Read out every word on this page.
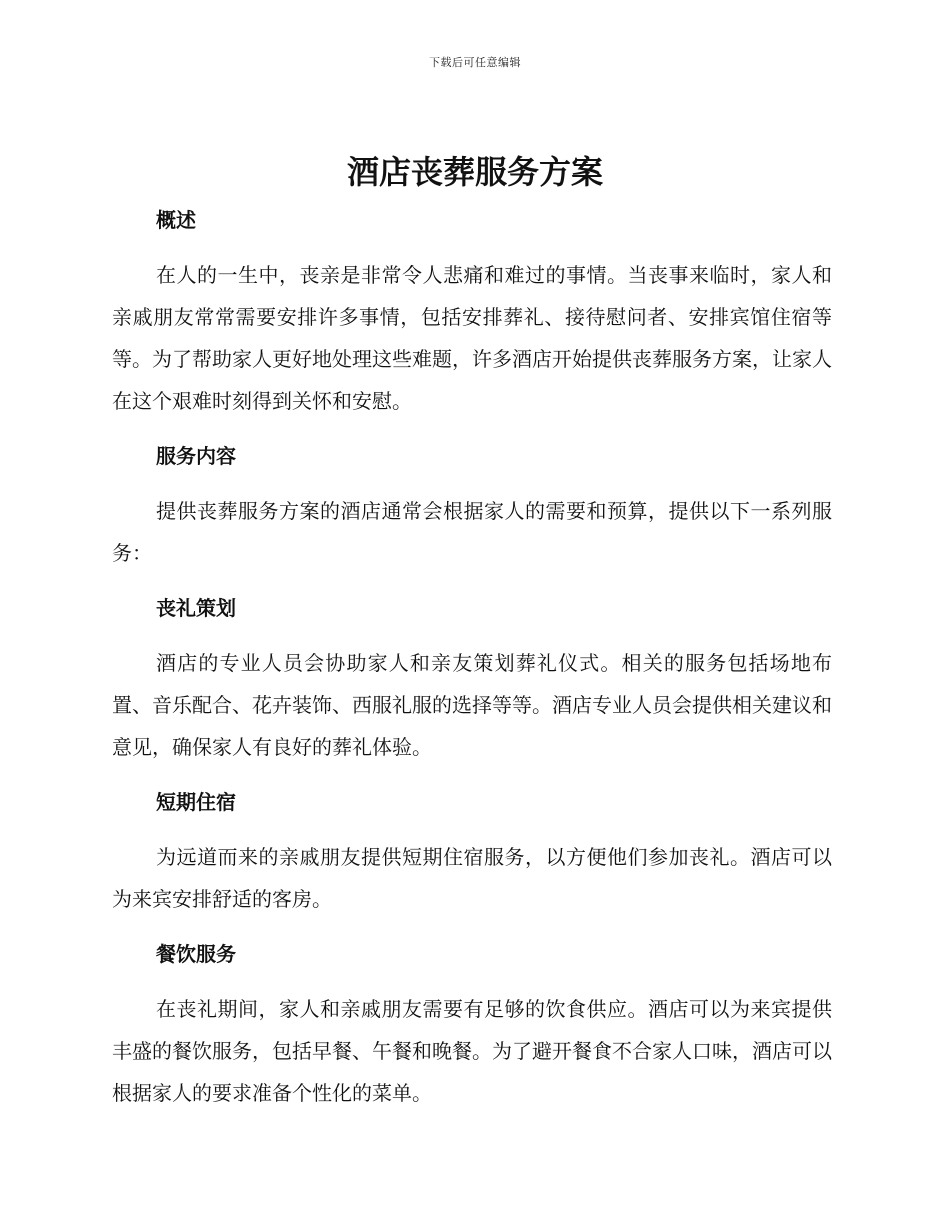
下载后可任意编辑
酒店丧葬服务方案
概述

在人的一生中，丧亲是非常令人悲痛和难过的事情。当丧事来临时，家人和亲戚朋友常常需要安排许多事情，包括安排葬礼、接待慰问者、安排宾馆住宿等等。为了帮助家人更好地处理这些难题，许多酒店开始提供丧葬服务方案，让家人在这个艰难时刻得到关怀和安慰。

服务内容

提供丧葬服务方案的酒店通常会根据家人的需要和预算，提供以下一系列服务：

丧礼策划

酒店的专业人员会协助家人和亲友策划葬礼仪式。相关的服务包括场地布置、音乐配合、花卉装饰、西服礼服的选择等等。酒店专业人员会提供相关建议和意见，确保家人有良好的葬礼体验。

短期住宿

为远道而来的亲戚朋友提供短期住宿服务，以方便他们参加丧礼。酒店可以为来宾安排舒适的客房。

餐饮服务

在丧礼期间，家人和亲戚朋友需要有足够的饮食供应。酒店可以为来宾提供丰盛的餐饮服务，包括早餐、午餐和晚餐。为了避开餐食不合家人口味，酒店可以根据家人的要求准备个性化的菜单。
